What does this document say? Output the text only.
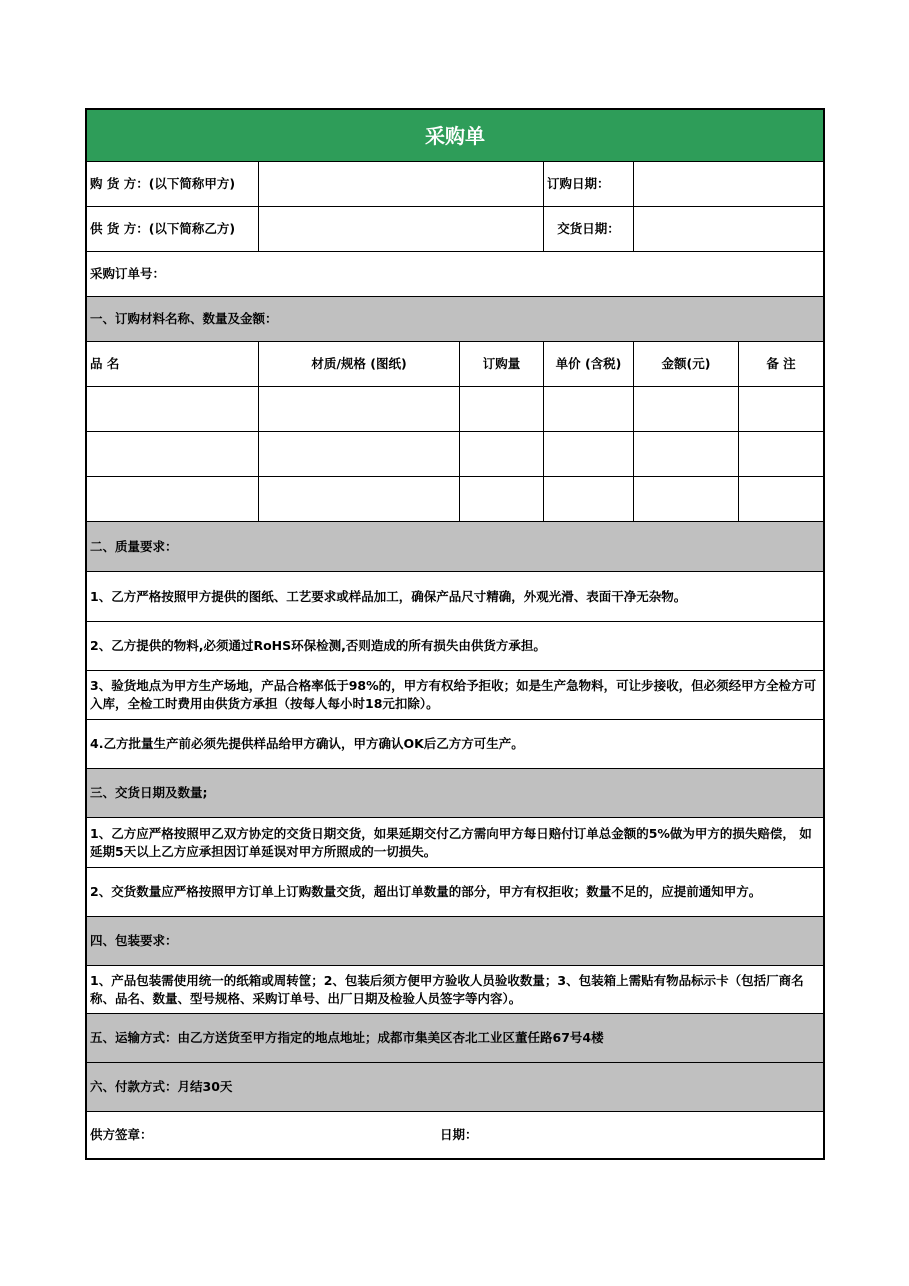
采购单
购 货 方：(以下简称甲方)	订购日期：
供 货 方：(以下简称乙方)	交货日期：
采购订单号：
一、订购材料名称、数量及金额：
品 名	材质/规格 (图纸)	订购量	单价 (含税)	金额(元)	备 注
二、质量要求：
1、乙方严格按照甲方提供的图纸、工艺要求或样品加工，确保产品尺寸精确，外观光滑、表面干净无杂物。
2、乙方提供的物料,必须通过RoHS环保检测,否则造成的所有损失由供货方承担。
3、验货地点为甲方生产场地，产品合格率低于98%的，甲方有权给予拒收；如是生产急物料，可让步接收，但必须经甲方全检方可入库，全检工时费用由供货方承担（按每人每小时18元扣除）。
4.乙方批量生产前必须先提供样品给甲方确认，甲方确认OK后乙方方可生产。
三、交货日期及数量;
1、乙方应严格按照甲乙双方协定的交货日期交货，如果延期交付乙方需向甲方每日赔付订单总金额的5%做为甲方的损失赔偿， 如延期5天以上乙方应承担因订单延误对甲方所照成的一切损失。
2、交货数量应严格按照甲方订单上订购数量交货，超出订单数量的部分，甲方有权拒收；数量不足的，应提前通知甲方。
四、包装要求：
1、产品包装需使用统一的纸箱或周转筐；2、包装后须方便甲方验收人员验收数量；3、包装箱上需贴有物品标示卡（包括厂商名称、品名、数量、型号规格、采购订单号、出厂日期及检验人员签字等内容）。
五、运输方式：由乙方送货至甲方指定的地点地址；成都市集美区杏北工业区董任路67号4楼
六、付款方式：月结30天
供方签章：	日期：
